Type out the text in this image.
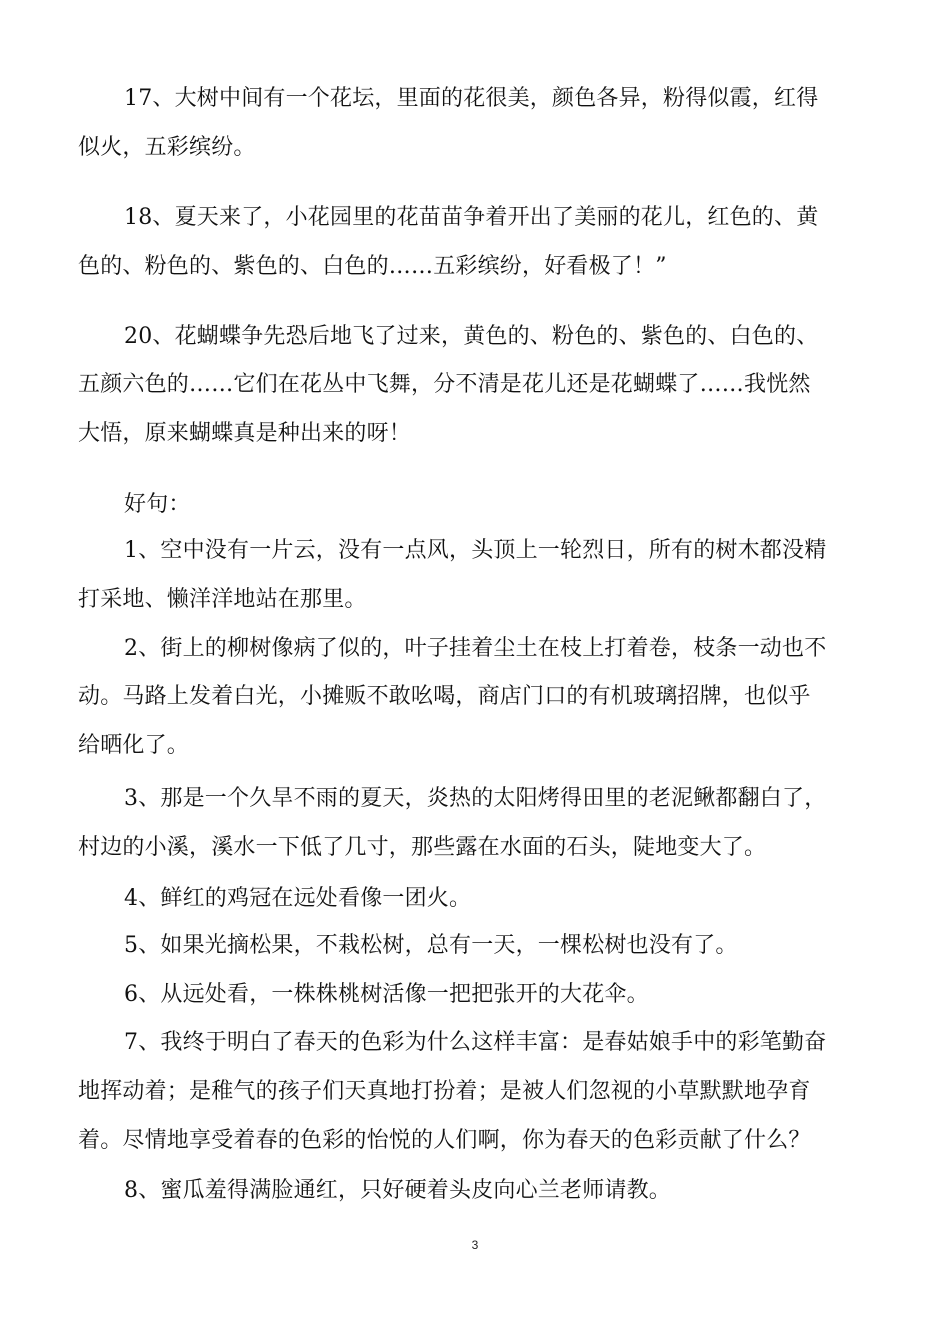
17、大树中间有一个花坛，里面的花很美，颜色各异，粉得似霞，红得
似火，五彩缤纷。
18、夏天来了，小花园里的花苗苗争着开出了美丽的花儿，红色的、黄
色的、粉色的、紫色的、白色的……五彩缤纷，好看极了！”
20、花蝴蝶争先恐后地飞了过来，黄色的、粉色的、紫色的、白色的、
五颜六色的……它们在花丛中飞舞，分不清是花儿还是花蝴蝶了……我恍然
大悟，原来蝴蝶真是种出来的呀！
好句：
1、空中没有一片云，没有一点风，头顶上一轮烈日，所有的树木都没精
打采地、懒洋洋地站在那里。
2、街上的柳树像病了似的，叶子挂着尘土在枝上打着卷，枝条一动也不
动。马路上发着白光，小摊贩不敢吆喝，商店门口的有机玻璃招牌，也似乎
给晒化了。
3、那是一个久旱不雨的夏天，炎热的太阳烤得田里的老泥鳅都翻白了，
村边的小溪，溪水一下低了几寸，那些露在水面的石头，陡地变大了。
4、鲜红的鸡冠在远处看像一团火。
5、如果光摘松果，不栽松树，总有一天，一棵松树也没有了。
6、从远处看，一株株桃树活像一把把张开的大花伞。
7、我终于明白了春天的色彩为什么这样丰富：是春姑娘手中的彩笔勤奋
地挥动着；是稚气的孩子们天真地打扮着；是被人们忽视的小草默默地孕育
着。尽情地享受着春的色彩的怡悦的人们啊，你为春天的色彩贡献了什么？
8、蜜瓜羞得满脸通红，只好硬着头皮向心兰老师请教。
3
